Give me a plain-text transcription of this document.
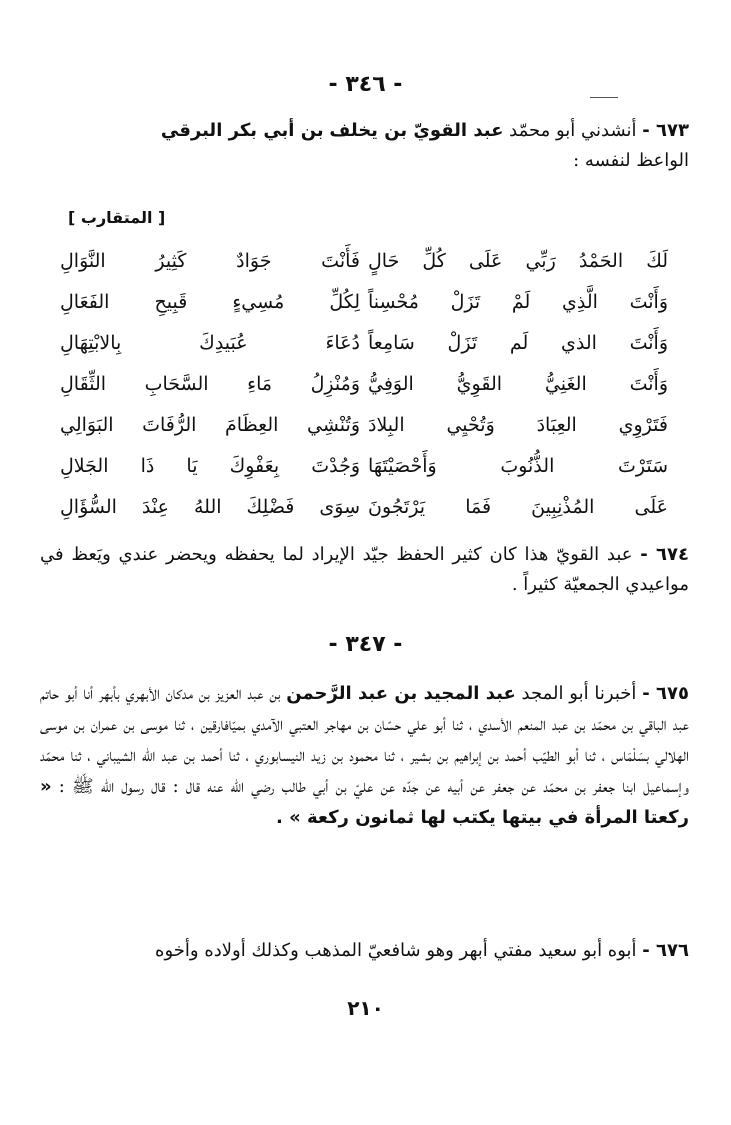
- ٣٤٦ -
٦٧٣ - أنشدني أبو محمّد عبد القويّ بن يخلف بن أبي بكر البرقي
الواعظ لنفسه :
[ المتقارب ]
لَكَ الحَمْدُ رَبِّي عَلَى كُلِّ حَالٍ
فَأَنْتَ جَوَادٌ كَثِيرُ النَّوَالِ
وَأَنْتَ الَّذِي لَمْ تَزَلْ مُحْسِناً
لِكُلِّ مُسِيءٍ قَبِيحِ الفَعَالِ
وَأَنْتَ الذي لَم تَزَلْ سَامِعاً
دُعَاءَ عُبَيدِكَ بِالابْتِهَالِ
وَأَنْتَ الغَنِيُّ القَوِيُّ الوَفِيُّ
وَمُنْزِلُ مَاءِ السَّحَابِ الثِّقَالِ
فَتَرْوِي العِبَادَ وَتُحْيِي البِلادَ
وَتُنْشِي العِظَامَ الرُّفَاتَ البَوَالِي
سَتَرْتَ الذُّنُوبَ وَأَحْصَيْتَهَا
وَجُدْتَ بِعَفْوِكَ يَا ذَا الجَلالِ
عَلَى المُذْنِبِينَ فَمَا يَرْتَجُونَ
سِوَى فَضْلِكَ اللهُ عِنْدَ السُّؤَالِ
٦٧٤ - عبد القويّ هذا كان كثير الحفظ جيّد الإيراد لما يحفظه ويحضر عندي ويَعظ في مواعيدي الجمعيّة كثيراً .
- ٣٤٧ -
٦٧٥ - أخبرنا أبو المجد عبد المجيد بن عبد الرَّحمن بن عبد العزيز بن مدكان الأبهري بأبهر أنا أبو حاتم عبد الباقي بن محمّد بن عبد المنعم الأسدي ، ثنا أبو علي حسّان بن مهاجر العتبي الآمدي بميّافارقين ، ثنا موسى بن عمران بن موسى الهلالي بسَلْمَاس ، ثنا أبو الطيّب أحمد بن إبراهيم بن بشير ، ثنا محمود بن زيد النيسابوري ، ثنا أحمد بن عبد الله الشيباني ، ثنا محمّد وإسماعيل ابنا جعفر بن محمّد عن جعفر عن أبيه عن جدّه عن عليّ بن أبي طالب رضي الله عنه قال : قال رسول الله ﷺ : « ركعتا المرأة في بيتها يكتب لها ثمانون ركعة » .
٦٧٦ - أبوه أبو سعيد مفتي أبهر وهو شافعيّ المذهب وكذلك أولاده وأخوه
٢١٠
